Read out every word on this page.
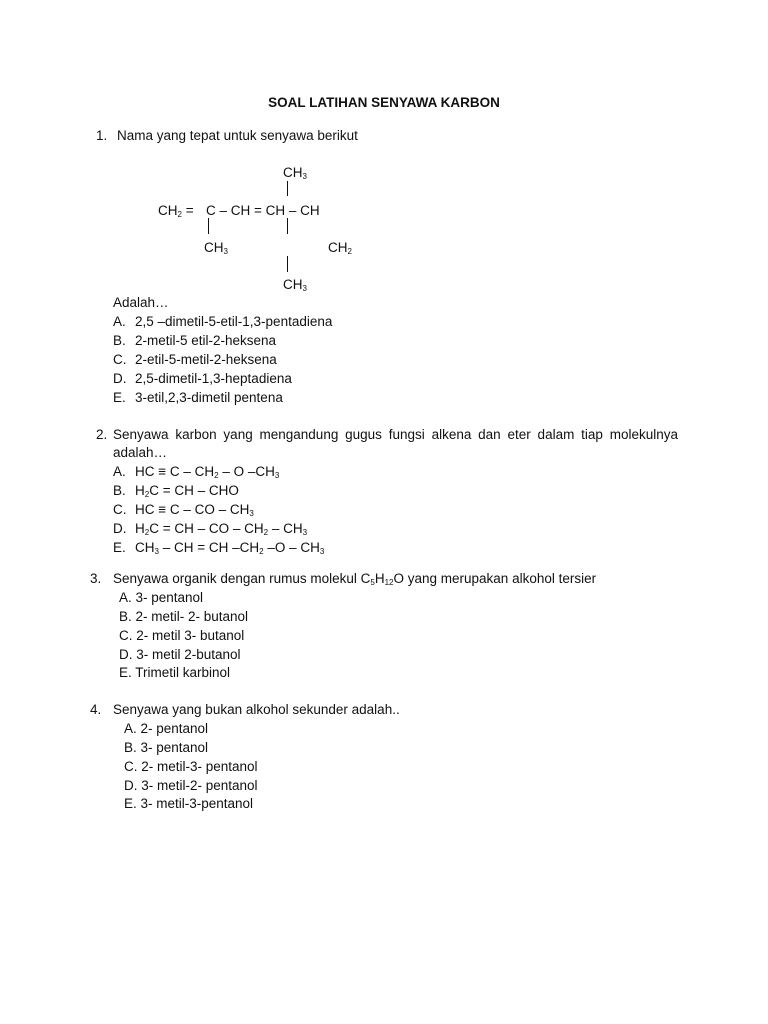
SOAL LATIHAN SENYAWA KARBON
1. Nama yang tepat untuk senyawa berikut
$CH_3$
$CH_2 = C$ – CH = CH – CH
$CH_3$	$CH_2$
$CH_3$
Adalah…
A. 2,5 –dimetil-5-etil-1,3-pentadiena
B. 2-metil-5 etil-2-heksena
C. 2-etil-5-metil-2-heksena
D. 2,5-dimetil-1,3-heptadiena
E. 3-etil,2,3-dimetil pentena
2. Senyawa karbon yang mengandung gugus fungsi alkena dan eter dalam tiap molekulnya
adalah…
A. HC ≡ C – $CH_2$ – O $-CH_3$
B. $H_2C$ = CH – CHO
C. HC ≡ C – CO – $CH_3$
D. $H_2C$ = CH – CO – $CH_2 - CH_3$
E. $CH_3$ – CH = CH $-CH_2$ $-O - CH_3$
3. Senyawa organik dengan rumus molekul $C_5H_{12}O$ yang merupakan alkohol tersier
A. 3- pentanol
B. 2- metil- 2- butanol
C. 2- metil 3- butanol
D. 3- metil 2-butanol
E. Trimetil karbinol
4. Senyawa yang bukan alkohol sekunder adalah..
A. 2- pentanol
B. 3- pentanol
C. 2- metil-3- pentanol
D. 3- metil-2- pentanol
E. 3- metil-3-pentanol
